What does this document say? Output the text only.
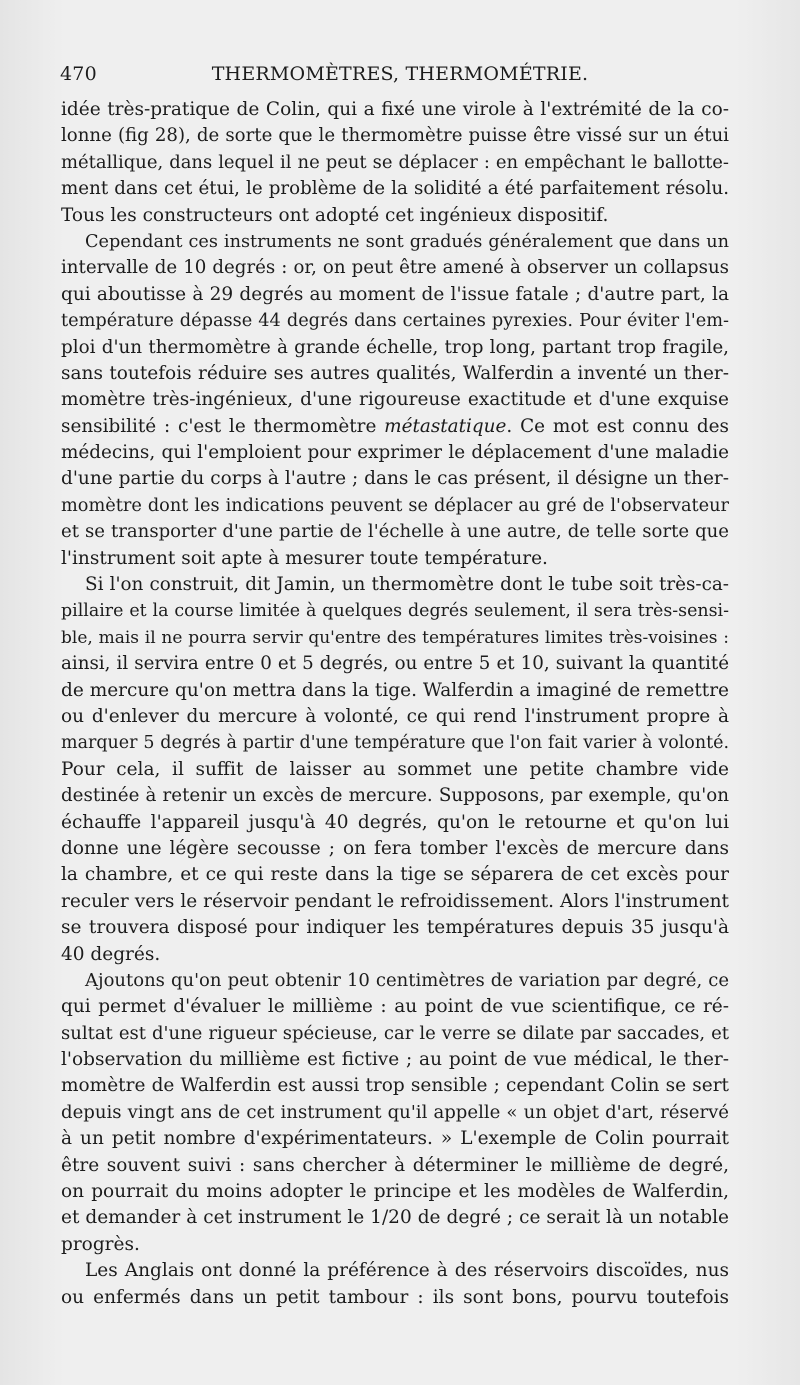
470	THERMOMÈTRES, THERMOMÉTRIE.
idée très-pratique de Colin, qui a fixé une virole à l'extrémité de la co-
lonne (fig 28), de sorte que le thermomètre puisse être vissé sur un étui
métallique, dans lequel il ne peut se déplacer : en empêchant le ballotte-
ment dans cet étui, le problème de la solidité a été parfaitement résolu.
Tous les constructeurs ont adopté cet ingénieux dispositif.
Cependant ces instruments ne sont gradués généralement que dans un
intervalle de 10 degrés : or, on peut être amené à observer un collapsus
qui aboutisse à 29 degrés au moment de l'issue fatale ; d'autre part, la
température dépasse 44 degrés dans certaines pyrexies. Pour éviter l'em-
ploi d'un thermomètre à grande échelle, trop long, partant trop fragile,
sans toutefois réduire ses autres qualités, Walferdin a inventé un ther-
momètre très-ingénieux, d'une rigoureuse exactitude et d'une exquise
sensibilité : c'est le thermomètre métastatique. Ce mot est connu des
médecins, qui l'emploient pour exprimer le déplacement d'une maladie
d'une partie du corps à l'autre ; dans le cas présent, il désigne un ther-
momètre dont les indications peuvent se déplacer au gré de l'observateur
et se transporter d'une partie de l'échelle à une autre, de telle sorte que
l'instrument soit apte à mesurer toute température.
Si l'on construit, dit Jamin, un thermomètre dont le tube soit très-ca-
pillaire et la course limitée à quelques degrés seulement, il sera très-sensi-
ble, mais il ne pourra servir qu'entre des températures limites très-voisines :
ainsi, il servira entre 0 et 5 degrés, ou entre 5 et 10, suivant la quantité
de mercure qu'on mettra dans la tige. Walferdin a imaginé de remettre
ou d'enlever du mercure à volonté, ce qui rend l'instrument propre à
marquer 5 degrés à partir d'une température que l'on fait varier à volonté.
Pour cela, il suffit de laisser au sommet une petite chambre vide
destinée à retenir un excès de mercure. Supposons, par exemple, qu'on
échauffe l'appareil jusqu'à 40 degrés, qu'on le retourne et qu'on lui
donne une légère secousse ; on fera tomber l'excès de mercure dans
la chambre, et ce qui reste dans la tige se séparera de cet excès pour
reculer vers le réservoir pendant le refroidissement. Alors l'instrument
se trouvera disposé pour indiquer les températures depuis 35 jusqu'à
40 degrés.
Ajoutons qu'on peut obtenir 10 centimètres de variation par degré, ce
qui permet d'évaluer le millième : au point de vue scientifique, ce ré-
sultat est d'une rigueur spécieuse, car le verre se dilate par saccades, et
l'observation du millième est fictive ; au point de vue médical, le ther-
momètre de Walferdin est aussi trop sensible ; cependant Colin se sert
depuis vingt ans de cet instrument qu'il appelle « un objet d'art, réservé
à un petit nombre d'expérimentateurs. » L'exemple de Colin pourrait
être souvent suivi : sans chercher à déterminer le millième de degré,
on pourrait du moins adopter le principe et les modèles de Walferdin,
et demander à cet instrument le 1/20 de degré ; ce serait là un notable
progrès.
Les Anglais ont donné la préférence à des réservoirs discoïdes, nus
ou enfermés dans un petit tambour : ils sont bons, pourvu toutefois
